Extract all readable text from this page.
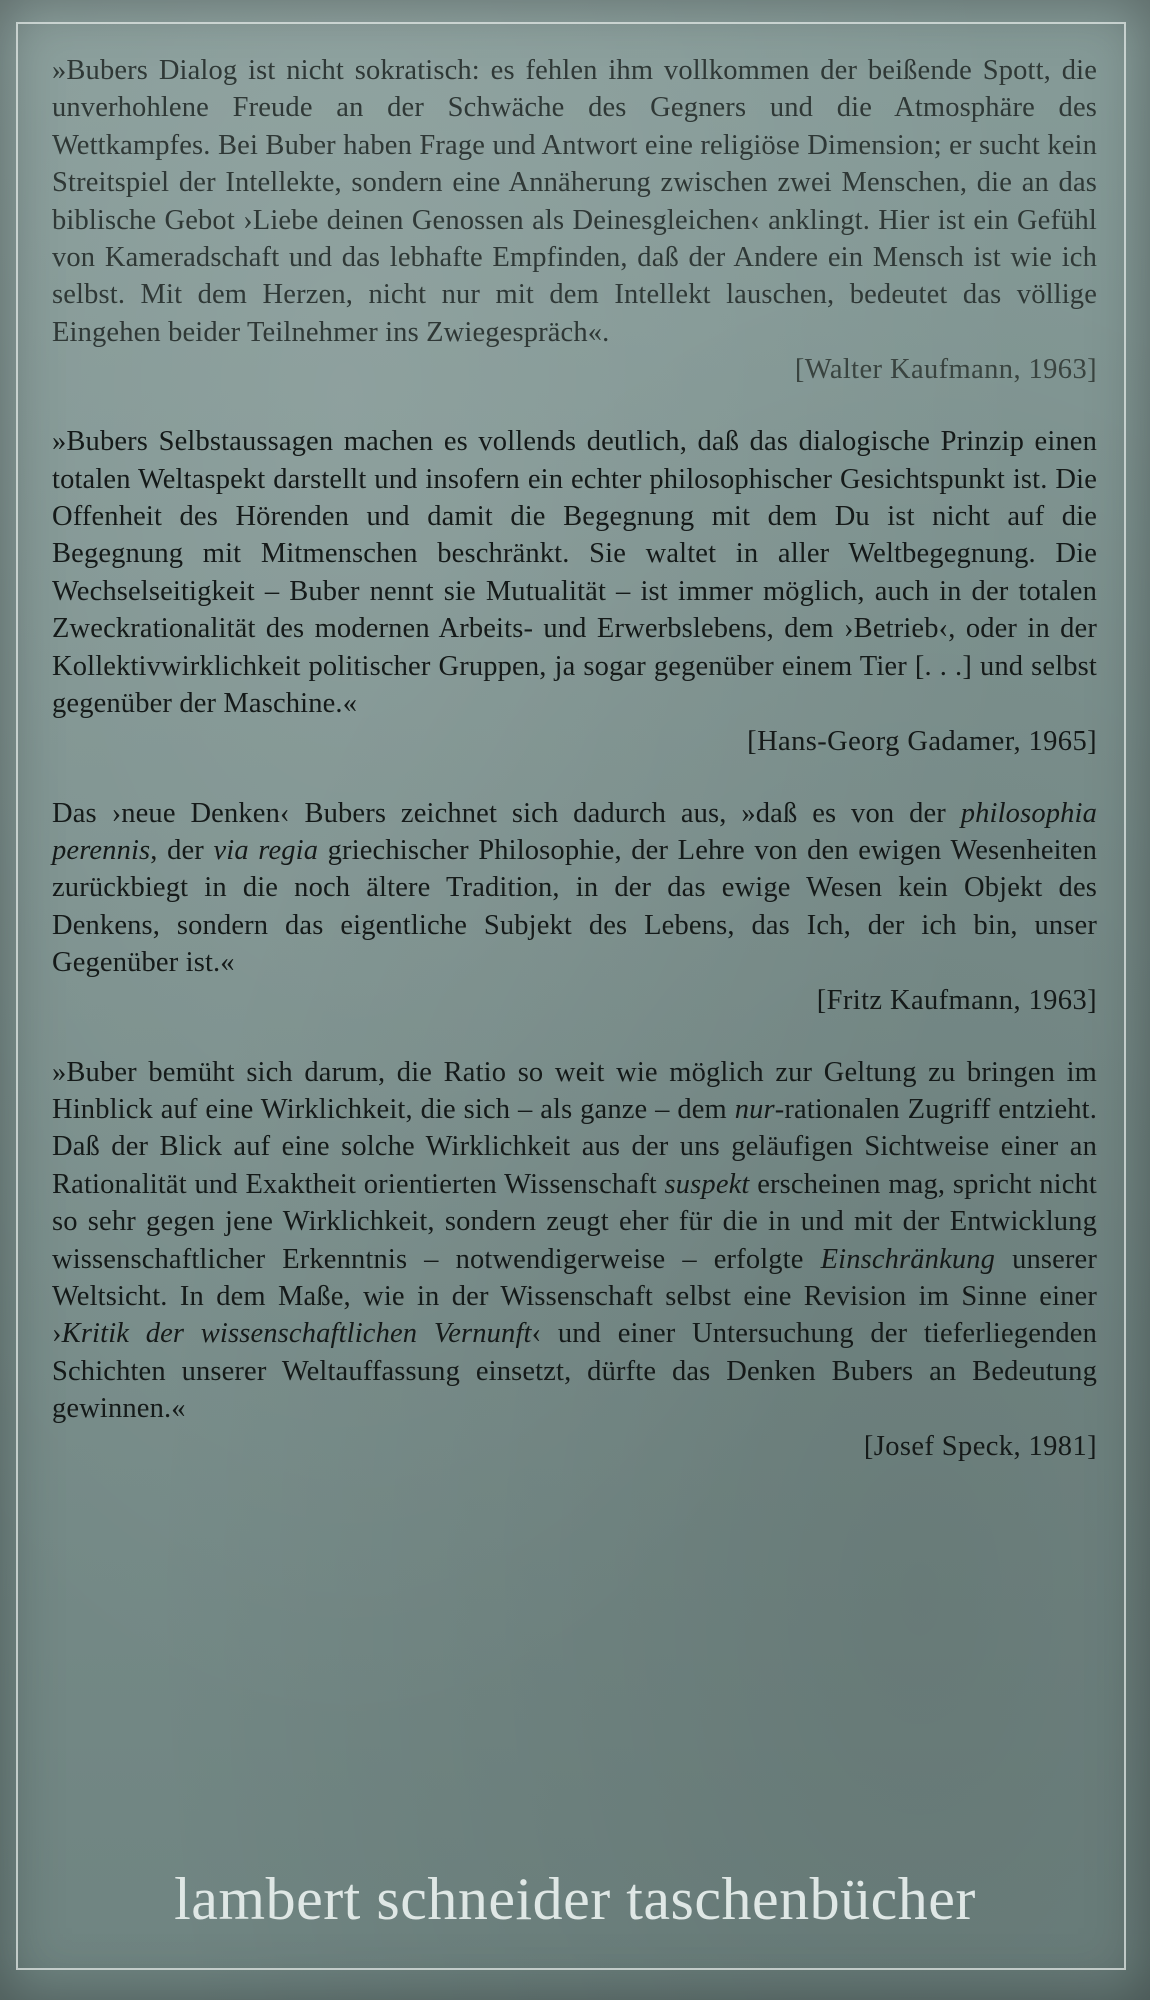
»Bubers Dialog ist nicht sokratisch: es fehlen ihm vollkommen der beißende Spott, die unverhohlene Freude an der Schwäche des Gegners und die Atmosphäre des Wettkampfes. Bei Buber haben Frage und Antwort eine religiöse Dimension; er sucht kein Streitspiel der Intellekte, sondern eine Annäherung zwischen zwei Menschen, die an das biblische Gebot ›Liebe deinen Genossen als Deinesgleichen‹ anklingt. Hier ist ein Gefühl von Kameradschaft und das lebhafte Empfinden, daß der Andere ein Mensch ist wie ich selbst. Mit dem Herzen, nicht nur mit dem Intellekt lauschen, bedeutet das völlige Eingehen beider Teilnehmer ins Zwiegespräch«.

[Walter Kaufmann, 1963]

»Bubers Selbstaussagen machen es vollends deutlich, daß das dialogische Prinzip einen totalen Weltaspekt darstellt und insofern ein echter philosophischer Gesichtspunkt ist. Die Offenheit des Hörenden und damit die Begegnung mit dem Du ist nicht auf die Begegnung mit Mitmenschen beschränkt. Sie waltet in aller Weltbegegnung. Die Wechselseitigkeit – Buber nennt sie Mutualität – ist immer möglich, auch in der totalen Zweckrationalität des modernen Arbeits- und Erwerbslebens, dem ›Betrieb‹, oder in der Kollektivwirklichkeit politischer Gruppen, ja sogar gegenüber einem Tier [. . .] und selbst gegenüber der Maschine.«

[Hans-Georg Gadamer, 1965]

Das ›neue Denken‹ Bubers zeichnet sich dadurch aus, »daß es von der philosophia perennis, der via regia griechischer Philosophie, der Lehre von den ewigen Wesenheiten zurückbiegt in die noch ältere Tradition, in der das ewige Wesen kein Objekt des Denkens, sondern das eigentliche Subjekt des Lebens, das Ich, der ich bin, unser Gegenüber ist.«

[Fritz Kaufmann, 1963]

»Buber bemüht sich darum, die Ratio so weit wie möglich zur Geltung zu bringen im Hinblick auf eine Wirklichkeit, die sich – als ganze – dem nur-rationalen Zugriff entzieht. Daß der Blick auf eine solche Wirklichkeit aus der uns geläufigen Sichtweise einer an Rationalität und Exaktheit orientierten Wissenschaft suspekt erscheinen mag, spricht nicht so sehr gegen jene Wirklichkeit, sondern zeugt eher für die in und mit der Entwicklung wissenschaftlicher Erkenntnis – notwendigerweise – erfolgte Einschränkung unserer Weltsicht. In dem Maße, wie in der Wissenschaft selbst eine Revision im Sinne einer ›Kritik der wissenschaftlichen Vernunft‹ und einer Untersuchung der tieferliegenden Schichten unserer Weltauffassung einsetzt, dürfte das Denken Bubers an Bedeutung gewinnen.«

[Josef Speck, 1981]

lambert schneider taschenbücher
